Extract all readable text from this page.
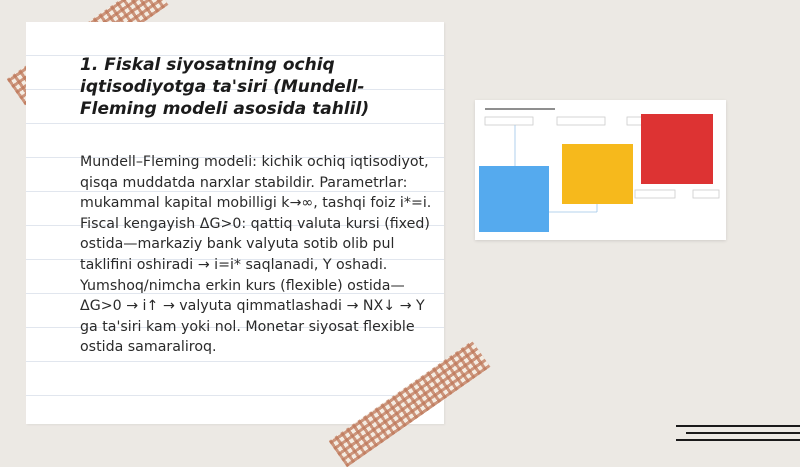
1. Fiskal siyosatning ochiq iqtisodiyotga ta'siri (Mundell-Fleming modeli asosida tahlil)

Mundell–Fleming modeli: kichik ochiq iqtisodiyot, qisqa muddatda narxlar stabildir. Parametrlar: mukammal kapital mobilligi k→∞, tashqi foiz i*=i. Fiscal kengayish ΔG>0: qattiq valuta kursi (fixed) ostida—markaziy bank valyuta sotib olib pul taklifini oshiradi → i=i* saqlanadi, Y oshadi. Yumshoq/nimcha erkin kurs (flexible) ostida—ΔG>0 → i↑ → valyuta qimmatlashadi → NX↓ → Y ga ta'siri kam yoki nol. Monetar siyosat flexible ostida samaraliroq.
